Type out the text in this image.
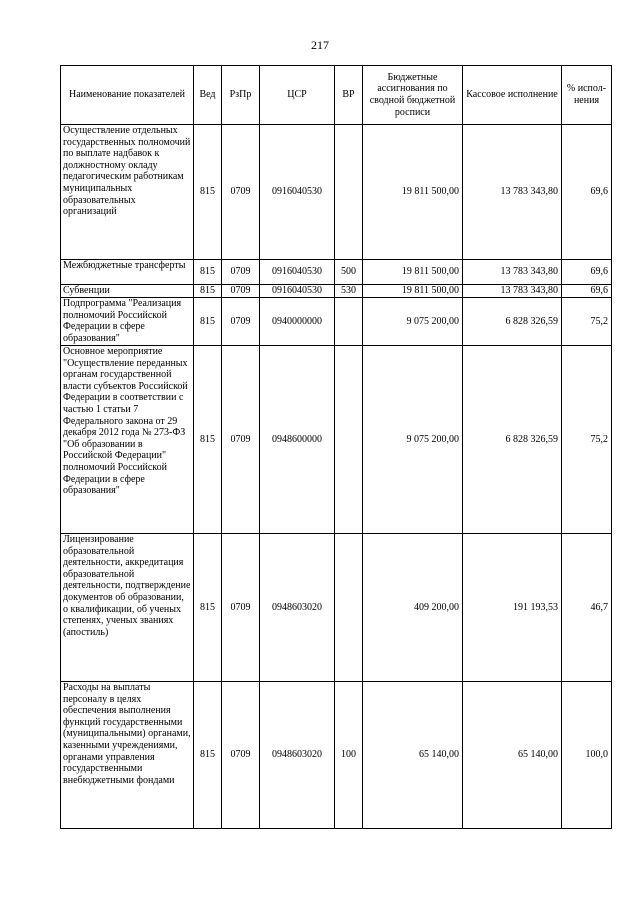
217
Наименование показателей	Вед	РзПр	ЦСР	ВР	Бюджетные ассигнования по сводной бюджетной росписи	Кассовое исполнение	% испол-нения
Осуществление отдельных государственных полномочий по выплате надбавок к должностному окладу педагогическим работникам муниципальных образовательных организаций	815	0709	0916040530		19 811 500,00	13 783 343,80	69,6
Межбюджетные трансферты	815	0709	0916040530	500	19 811 500,00	13 783 343,80	69,6
Субвенции	815	0709	0916040530	530	19 811 500,00	13 783 343,80	69,6
Подпрограмма "Реализация полномочий Российской Федерации в сфере образования"	815	0709	0940000000		9 075 200,00	6 828 326,59	75,2
Основное мероприятие "Осуществление переданных органам государственной власти субъектов Российской Федерации в соответствии с частью 1 статьи 7 Федерального закона от 29 декабря 2012 года № 273-ФЗ "Об образовании в Российской Федерации" полномочий Российской Федерации в сфере образования"	815	0709	0948600000		9 075 200,00	6 828 326,59	75,2
Лицензирование образовательной деятельности, аккредитация образовательной деятельности, подтверждение документов об образовании, о квалификации, об ученых степенях, ученых званиях (апостиль)	815	0709	0948603020		409 200,00	191 193,53	46,7
Расходы на выплаты персоналу в целях обеспечения выполнения функций государственными (муниципальными) органами, казенными учреждениями, органами управления государственными внебюджетными фондами	815	0709	0948603020	100	65 140,00	65 140,00	100,0
